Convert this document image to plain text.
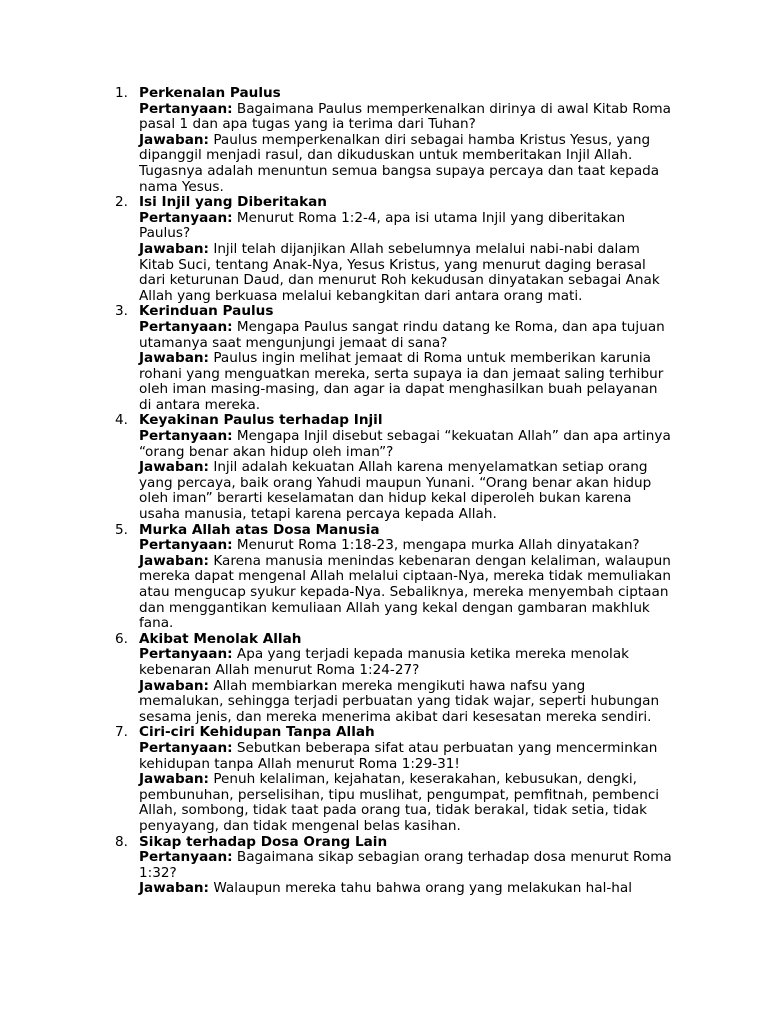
1. Perkenalan Paulus
Pertanyaan: Bagaimana Paulus memperkenalkan dirinya di awal Kitab Roma pasal 1 dan apa tugas yang ia terima dari Tuhan?
Jawaban: Paulus memperkenalkan diri sebagai hamba Kristus Yesus, yang dipanggil menjadi rasul, dan dikuduskan untuk memberitakan Injil Allah. Tugasnya adalah menuntun semua bangsa supaya percaya dan taat kepada nama Yesus.
2. Isi Injil yang Diberitakan
Pertanyaan: Menurut Roma 1:2-4, apa isi utama Injil yang diberitakan Paulus?
Jawaban: Injil telah dijanjikan Allah sebelumnya melalui nabi-nabi dalam Kitab Suci, tentang Anak-Nya, Yesus Kristus, yang menurut daging berasal dari keturunan Daud, dan menurut Roh kekudusan dinyatakan sebagai Anak Allah yang berkuasa melalui kebangkitan dari antara orang mati.
3. Kerinduan Paulus
Pertanyaan: Mengapa Paulus sangat rindu datang ke Roma, dan apa tujuan utamanya saat mengunjungi jemaat di sana?
Jawaban: Paulus ingin melihat jemaat di Roma untuk memberikan karunia rohani yang menguatkan mereka, serta supaya ia dan jemaat saling terhibur oleh iman masing-masing, dan agar ia dapat menghasilkan buah pelayanan di antara mereka.
4. Keyakinan Paulus terhadap Injil
Pertanyaan: Mengapa Injil disebut sebagai “kekuatan Allah” dan apa artinya “orang benar akan hidup oleh iman”?
Jawaban: Injil adalah kekuatan Allah karena menyelamatkan setiap orang yang percaya, baik orang Yahudi maupun Yunani. “Orang benar akan hidup oleh iman” berarti keselamatan dan hidup kekal diperoleh bukan karena usaha manusia, tetapi karena percaya kepada Allah.
5. Murka Allah atas Dosa Manusia
Pertanyaan: Menurut Roma 1:18-23, mengapa murka Allah dinyatakan?
Jawaban: Karena manusia menindas kebenaran dengan kelaliman, walaupun mereka dapat mengenal Allah melalui ciptaan-Nya, mereka tidak memuliakan atau mengucap syukur kepada-Nya. Sebaliknya, mereka menyembah ciptaan dan menggantikan kemuliaan Allah yang kekal dengan gambaran makhluk fana.
6. Akibat Menolak Allah
Pertanyaan: Apa yang terjadi kepada manusia ketika mereka menolak kebenaran Allah menurut Roma 1:24-27?
Jawaban: Allah membiarkan mereka mengikuti hawa nafsu yang memalukan, sehingga terjadi perbuatan yang tidak wajar, seperti hubungan sesama jenis, dan mereka menerima akibat dari kesesatan mereka sendiri.
7. Ciri-ciri Kehidupan Tanpa Allah
Pertanyaan: Sebutkan beberapa sifat atau perbuatan yang mencerminkan kehidupan tanpa Allah menurut Roma 1:29-31!
Jawaban: Penuh kelaliman, kejahatan, keserakahan, kebusukan, dengki, pembunuhan, perselisihan, tipu muslihat, pengumpat, pemfitnah, pembenci Allah, sombong, tidak taat pada orang tua, tidak berakal, tidak setia, tidak penyayang, dan tidak mengenal belas kasihan.
8. Sikap terhadap Dosa Orang Lain
Pertanyaan: Bagaimana sikap sebagian orang terhadap dosa menurut Roma 1:32?
Jawaban: Walaupun mereka tahu bahwa orang yang melakukan hal-hal
